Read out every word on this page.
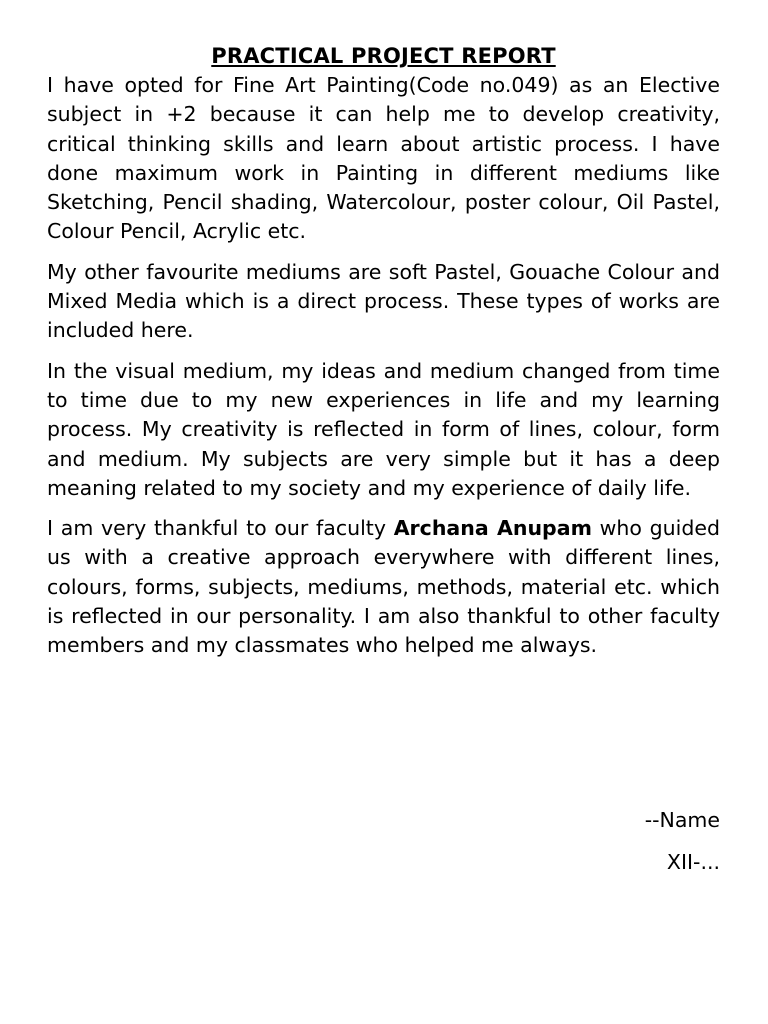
PRACTICAL PROJECT REPORT

I have opted for Fine Art Painting(Code no.049) as an Elective subject in +2 because it can help me to develop creativity, critical thinking skills and learn about artistic process. I have done maximum work in Painting in different mediums like Sketching, Pencil shading, Watercolour, poster colour, Oil Pastel, Colour Pencil, Acrylic etc.

My other favourite mediums are soft Pastel, Gouache Colour and Mixed Media which is a direct process. These types of works are included here.

In the visual medium, my ideas and medium changed from time to time due to my new experiences in life and my learning process. My creativity is reflected in form of lines, colour, form and medium. My subjects are very simple but it has a deep meaning related to my society and my experience of daily life.

I am very thankful to our faculty Archana Anupam who guided us with a creative approach everywhere with different lines, colours, forms, subjects, mediums, methods, material etc. which is reflected in our personality. I am also thankful to other faculty members and my classmates who helped me always.

--Name
XII-...
